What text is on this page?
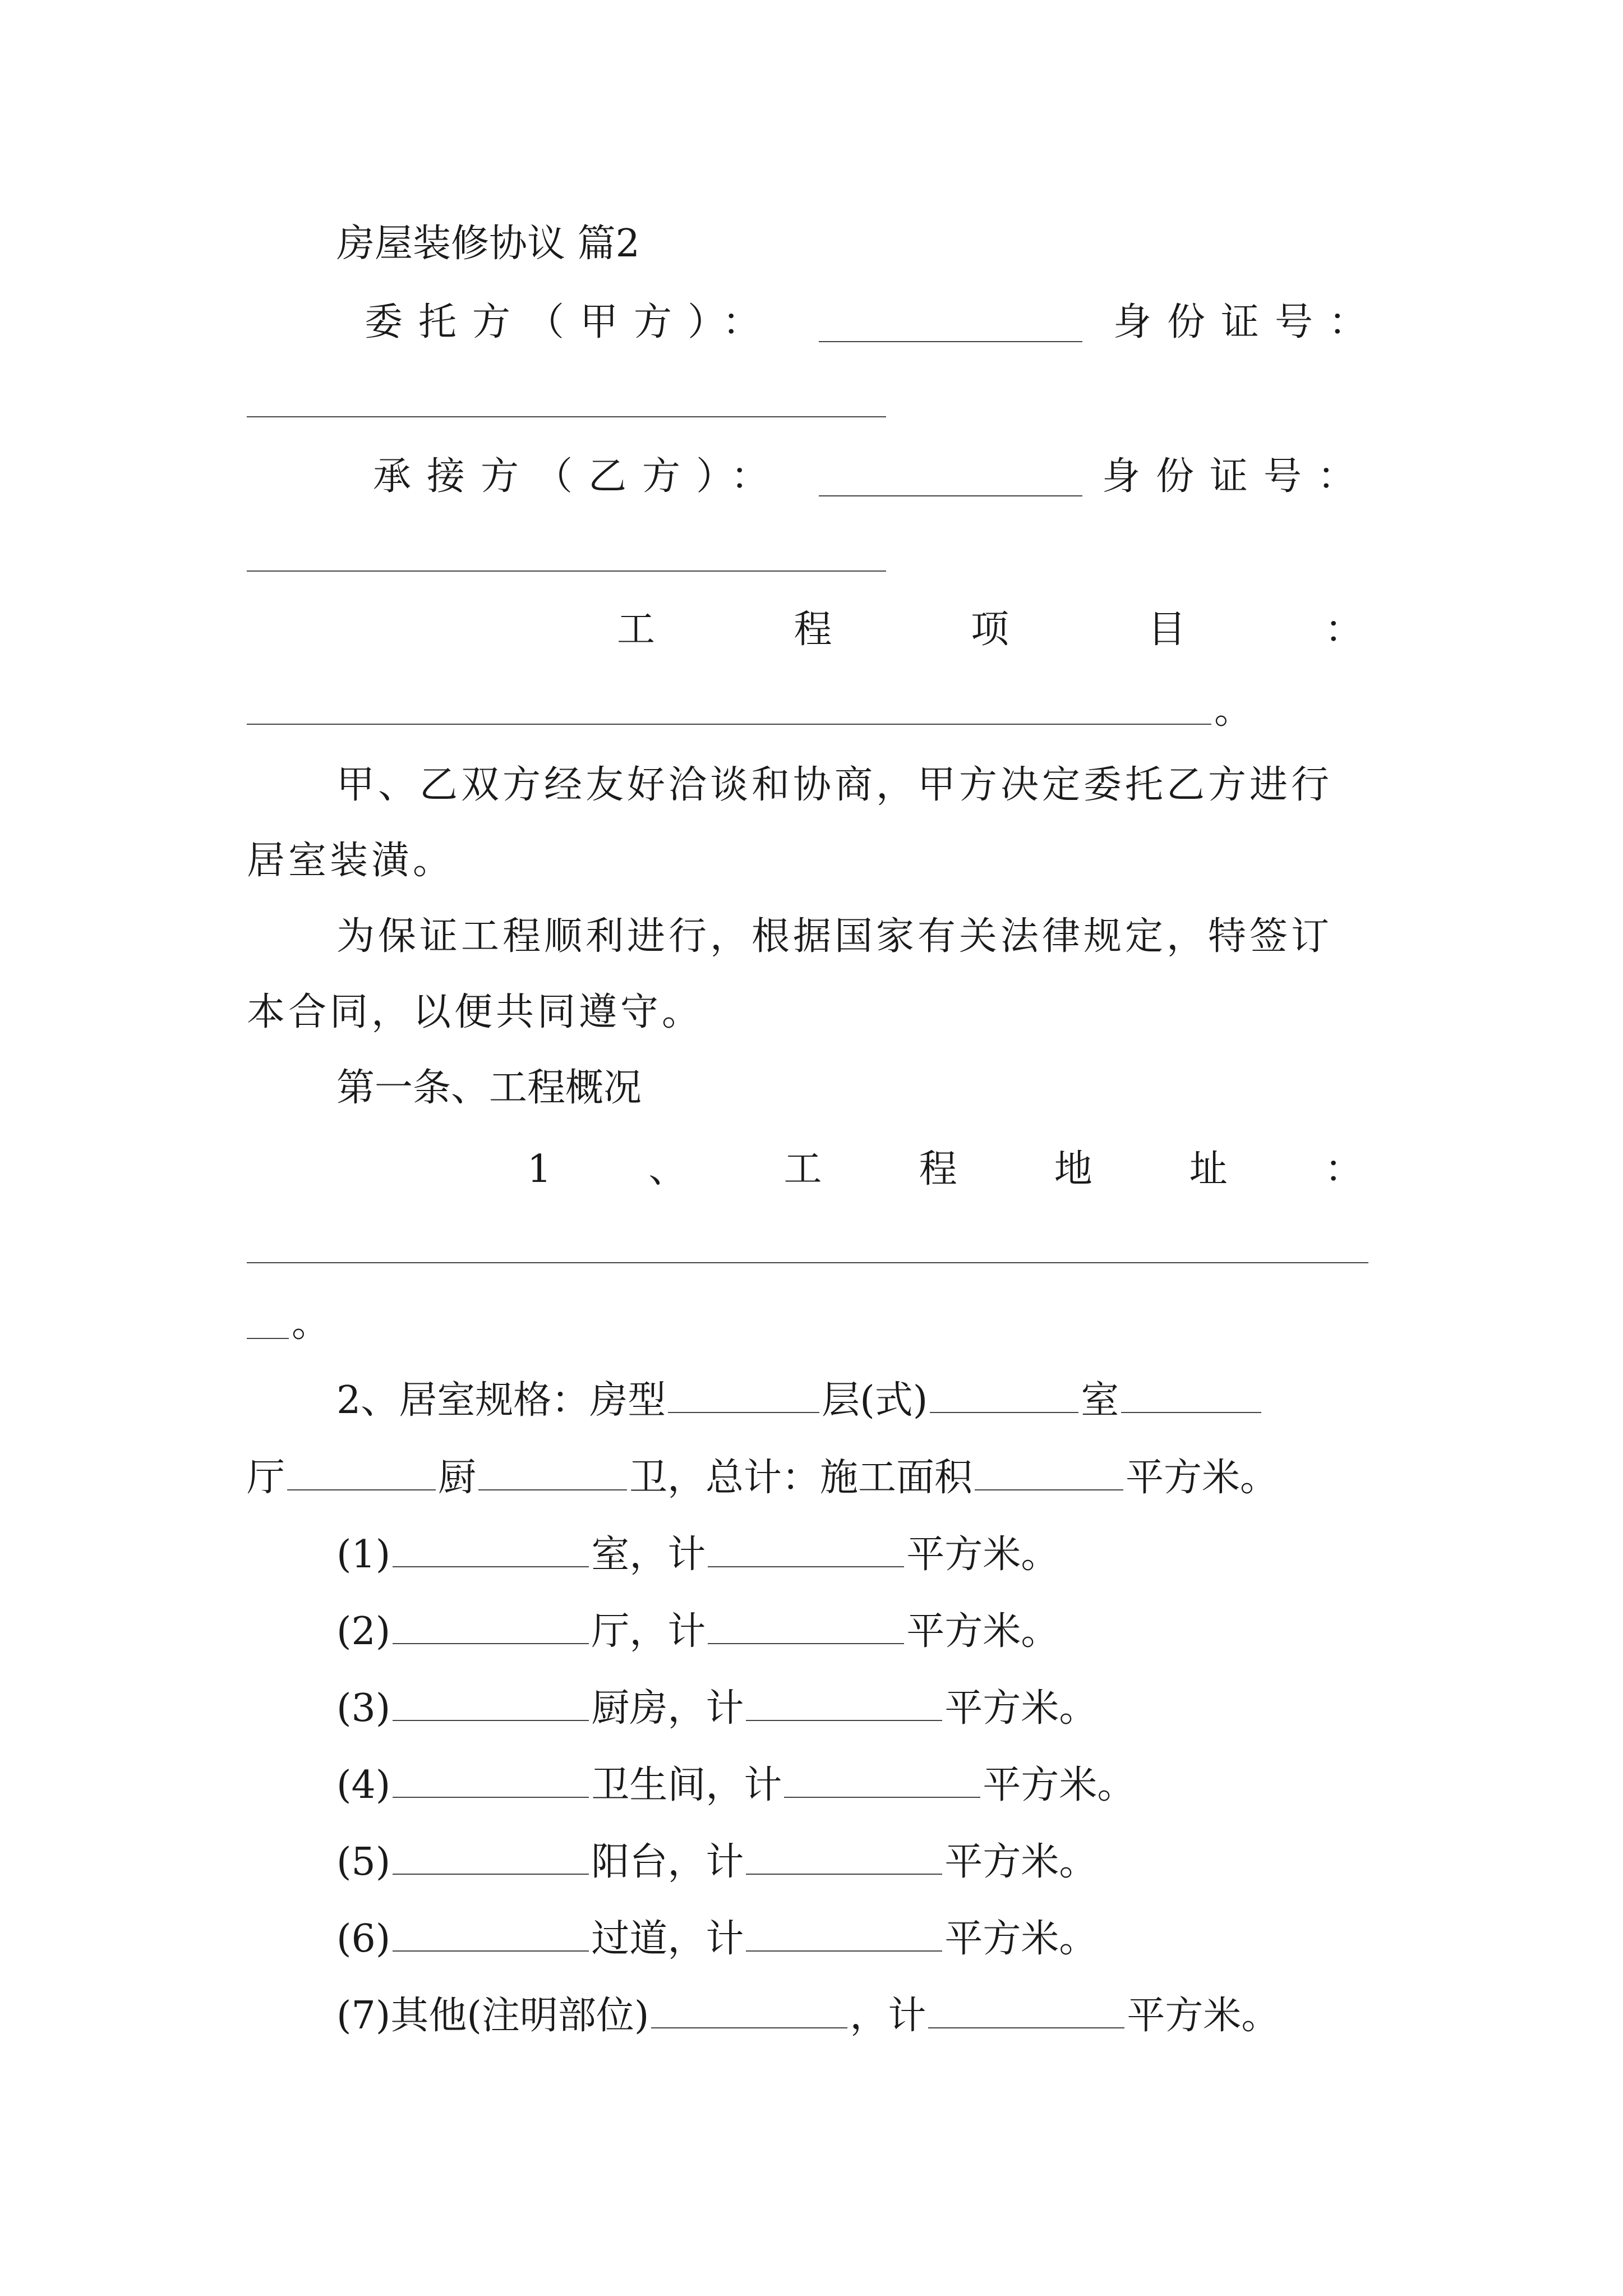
房屋装修协议 篇2
委托方（甲方）：	身份证号：
承接方（乙方）：	身份证号：
工	程	项	目	：
。
甲、乙双方经友好洽谈和协商，甲方决定委托乙方进行
居室装潢。
为保证工程顺利进行，根据国家有关法律规定，特签订
本合同，以便共同遵守。
第一条、工程概况
1	、	工	程	地	址	：
。
2、居室规格：房型	层(式)	室
厅	厨	卫，总计：施工面积	平方米。
(1)	室，计	平方米。
(2)	厅，计	平方米。
(3)	厨房，计	平方米。
(4)	卫生间，计	平方米。
(5)	阳台，计	平方米。
(6)	过道，计	平方米。
(7)其他(注明部位)	，计	平方米。
